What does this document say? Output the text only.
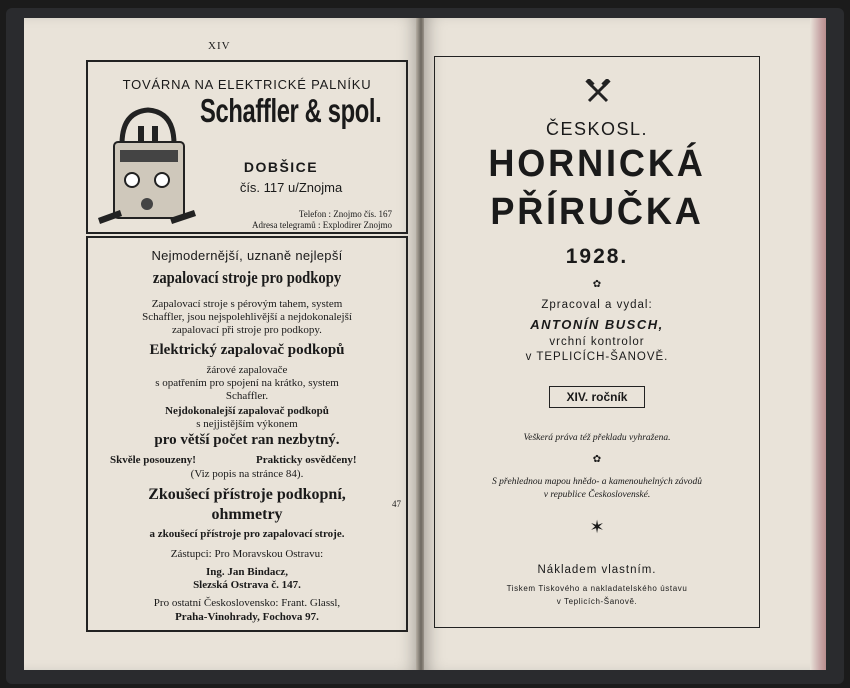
XIV
TOVÁRNA NA ELEKTRICKÉ PALNÍKU
Schaffler & spol.
DOBŠICE
čís. 117 u/Znojma
Telefon : Znojmo čís. 167
Adresa telegramů : Explodirer Znojmo
Nejmodernější, uznaně nejlepší
zapalovací stroje pro podkopy
Zapalovací stroje s pérovým tahem, system
Schaffler, jsou nejspolehlivější a nejdokonalejší
zapalovací při stroje pro podkopy.
Elektrický zapalovač podkopů
žárové zapalovače
s opatřením pro spojení na krátko, system
Schaffler.
Nejdokonalejší zapalovač podkopů
s nejjistějším výkonem
pro větší počet ran nezbytný.
Skvěle posouzeny!	Prakticky osvědčeny!
(Viz popis na stránce 84).
Zkoušecí přístroje podkopní,
ohmmetry
a zkoušecí přístroje pro zapalovací stroje.
Zástupci: Pro Moravskou Ostravu:
Ing. Jan Bindacz,
Slezská Ostrava č. 147.
Pro ostatní Československo: Frant. Glassl,
Praha-Vinohrady, Fochova 97.
47
ČESKOSL.
HORNICKÁ
PŘÍRUČKA
1928.
✿
Zpracoval a vydal:
ANTONÍN BUSCH,
vrchní kontrolor
v TEPLICÍCH-ŠANOVĚ.
XIV. ročník
Veškerá práva též překladu vyhražena.
✿
S přehlednou mapou hnědo- a kamenouhelných závodů
v republice Československé.
✶
Nákladem vlastním.
Tiskem Tiskového a nakladatelského ústavu
v Teplicích-Šanově.
